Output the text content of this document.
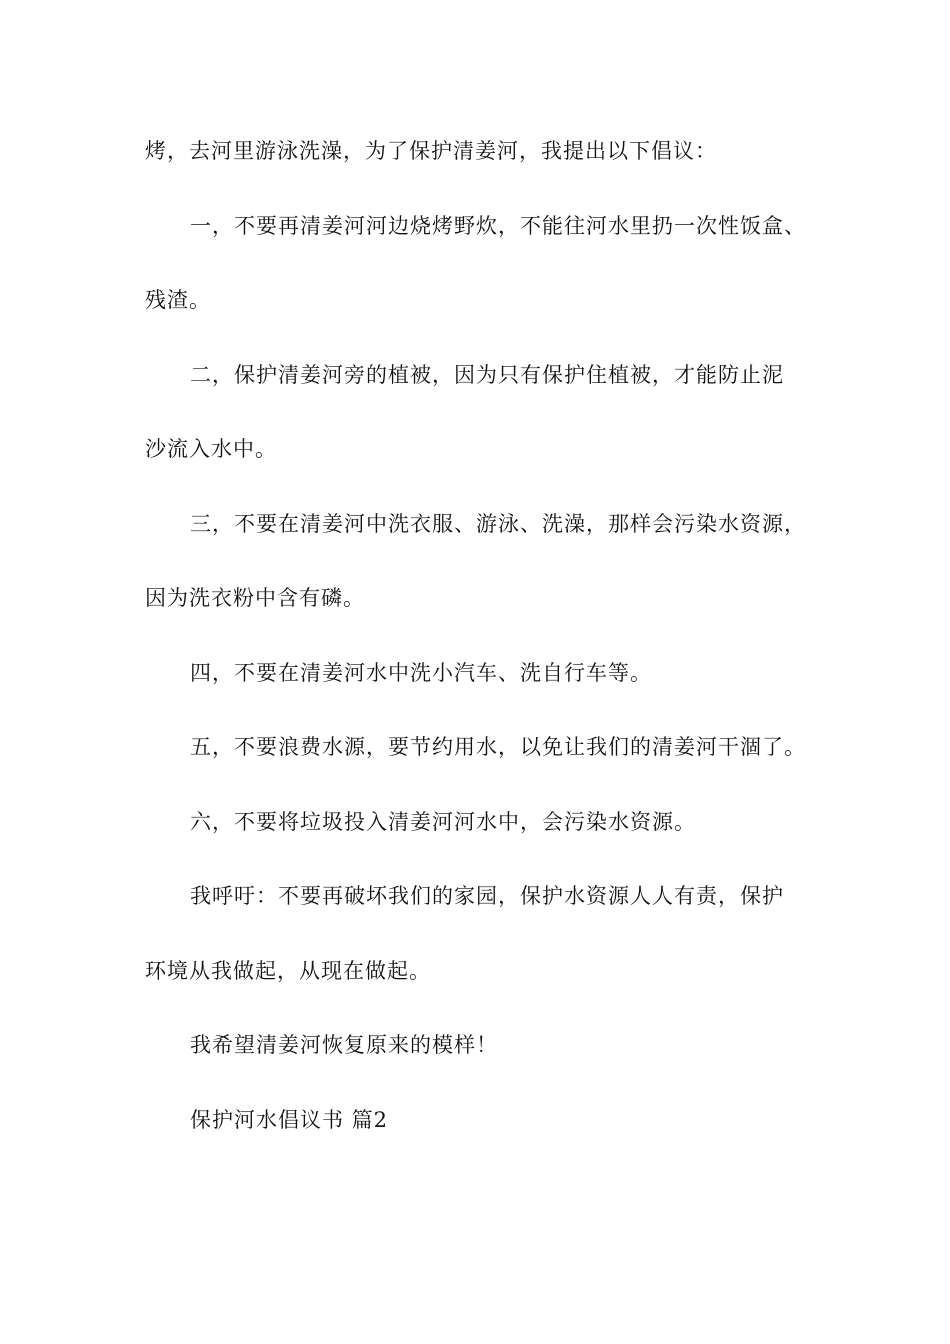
烤，去河里游泳洗澡，为了保护清姜河，我提出以下倡议：

一，不要再清姜河河边烧烤野炊，不能往河水里扔一次性饭盒、

残渣。

二，保护清姜河旁的植被，因为只有保护住植被，才能防止泥

沙流入水中。

三，不要在清姜河中洗衣服、游泳、洗澡，那样会污染水资源，

因为洗衣粉中含有磷。

四，不要在清姜河水中洗小汽车、洗自行车等。

五，不要浪费水源，要节约用水，以免让我们的清姜河干涸了。

六，不要将垃圾投入清姜河河水中，会污染水资源。

我呼吁：不要再破坏我们的家园，保护水资源人人有责，保护

环境从我做起，从现在做起。

我希望清姜河恢复原来的模样！

保护河水倡议书 篇2
